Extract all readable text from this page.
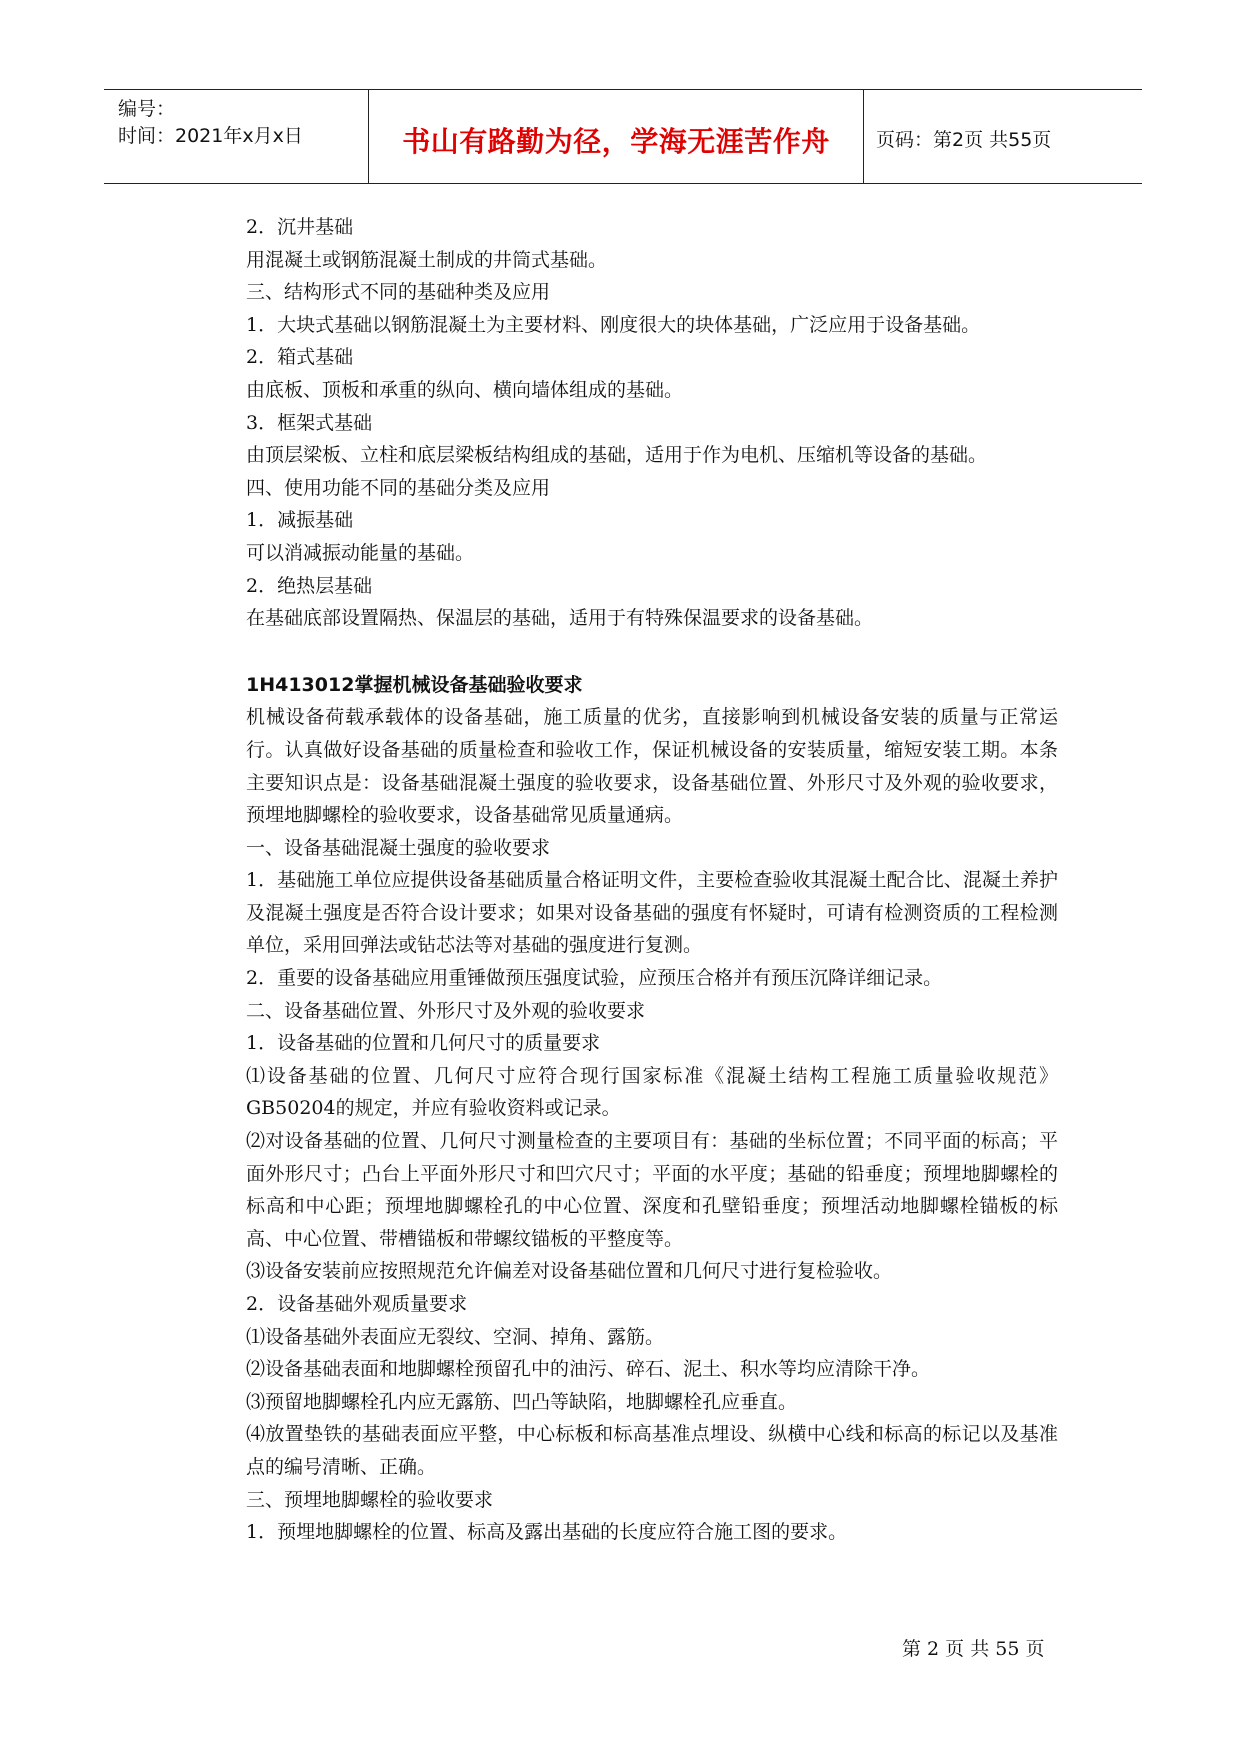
编号：
时间：2021年x月x日	书山有路勤为径，学海无涯苦作舟	页码：第2页 共55页

2．沉井基础

用混凝土或钢筋混凝土制成的井筒式基础。

三、结构形式不同的基础种类及应用

1．大块式基础以钢筋混凝土为主要材料、刚度很大的块体基础，广泛应用于设备基础。

2．箱式基础

由底板、顶板和承重的纵向、横向墙体组成的基础。

3．框架式基础

由顶层梁板、立柱和底层梁板结构组成的基础，适用于作为电机、压缩机等设备的基础。

四、使用功能不同的基础分类及应用

1．减振基础

可以消减振动能量的基础。

2．绝热层基础

在基础底部设置隔热、保温层的基础，适用于有特殊保温要求的设备基础。

1H413012掌握机械设备基础验收要求

机械设备荷载承载体的设备基础，施工质量的优劣，直接影响到机械设备安装的质量与正常运行。认真做好设备基础的质量检查和验收工作，保证机械设备的安装质量，缩短安装工期。本条主要知识点是：设备基础混凝土强度的验收要求，设备基础位置、外形尺寸及外观的验收要求，预埋地脚螺栓的验收要求，设备基础常见质量通病。

一、设备基础混凝土强度的验收要求

1．基础施工单位应提供设备基础质量合格证明文件，主要检查验收其混凝土配合比、混凝土养护及混凝土强度是否符合设计要求；如果对设备基础的强度有怀疑时，可请有检测资质的工程检测单位，采用回弹法或钻芯法等对基础的强度进行复测。

2．重要的设备基础应用重锤做预压强度试验，应预压合格并有预压沉降详细记录。

二、设备基础位置、外形尺寸及外观的验收要求

1．设备基础的位置和几何尺寸的质量要求

⑴设备基础的位置、几何尺寸应符合现行国家标准《混凝土结构工程施工质量验收规范》GB50204的规定，并应有验收资料或记录。

⑵对设备基础的位置、几何尺寸测量检查的主要项目有：基础的坐标位置；不同平面的标高；平面外形尺寸；凸台上平面外形尺寸和凹穴尺寸；平面的水平度；基础的铅垂度；预埋地脚螺栓的标高和中心距；预埋地脚螺栓孔的中心位置、深度和孔壁铅垂度；预埋活动地脚螺栓锚板的标高、中心位置、带槽锚板和带螺纹锚板的平整度等。

⑶设备安装前应按照规范允许偏差对设备基础位置和几何尺寸进行复检验收。

2．设备基础外观质量要求

⑴设备基础外表面应无裂纹、空洞、掉角、露筋。

⑵设备基础表面和地脚螺栓预留孔中的油污、碎石、泥土、积水等均应清除干净。

⑶预留地脚螺栓孔内应无露筋、凹凸等缺陷，地脚螺栓孔应垂直。

⑷放置垫铁的基础表面应平整，中心标板和标高基准点埋设、纵横中心线和标高的标记以及基准点的编号清晰、正确。

三、预埋地脚螺栓的验收要求

1．预埋地脚螺栓的位置、标高及露出基础的长度应符合施工图的要求。

第 2 页 共 55 页
